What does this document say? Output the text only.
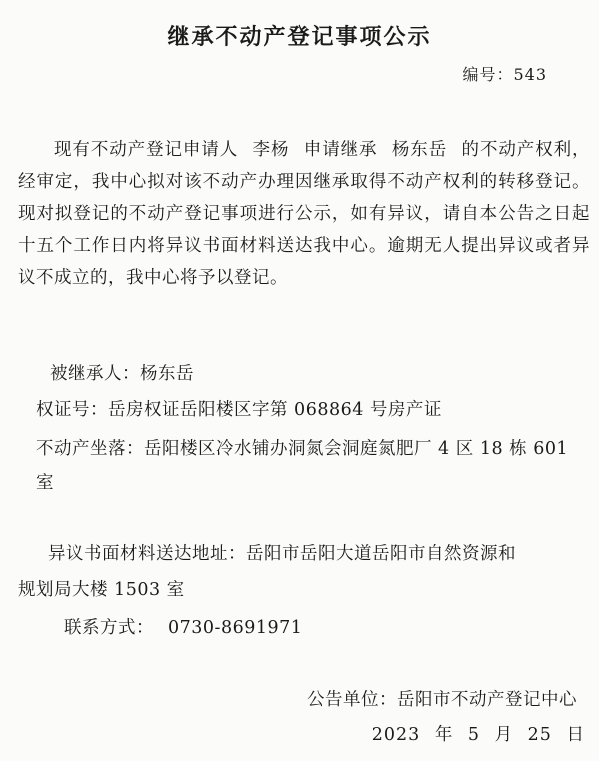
继承不动产登记事项公示
编号：543
现有不动产登记申请人 李杨 申请继承 杨东岳 的不动产权利，经审定，我中心拟对该不动产办理因继承取得不动产权利的转移登记。现对拟登记的不动产登记事项进行公示，如有异议，请自本公告之日起十五个工作日内将异议书面材料送达我中心。逾期无人提出异议或者异议不成立的，我中心将予以登记。
被继承人：杨东岳
权证号：岳房权证岳阳楼区字第 068864 号房产证
不动产坐落：岳阳楼区冷水铺办洞氮会洞庭氮肥厂 4 区 18 栋 601 室
异议书面材料送达地址：岳阳市岳阳大道岳阳市自然资源和
规划局大楼 1503 室
联系方式： 0730-8691971
公告单位：岳阳市不动产登记中心
2023 年 5 月 25 日
